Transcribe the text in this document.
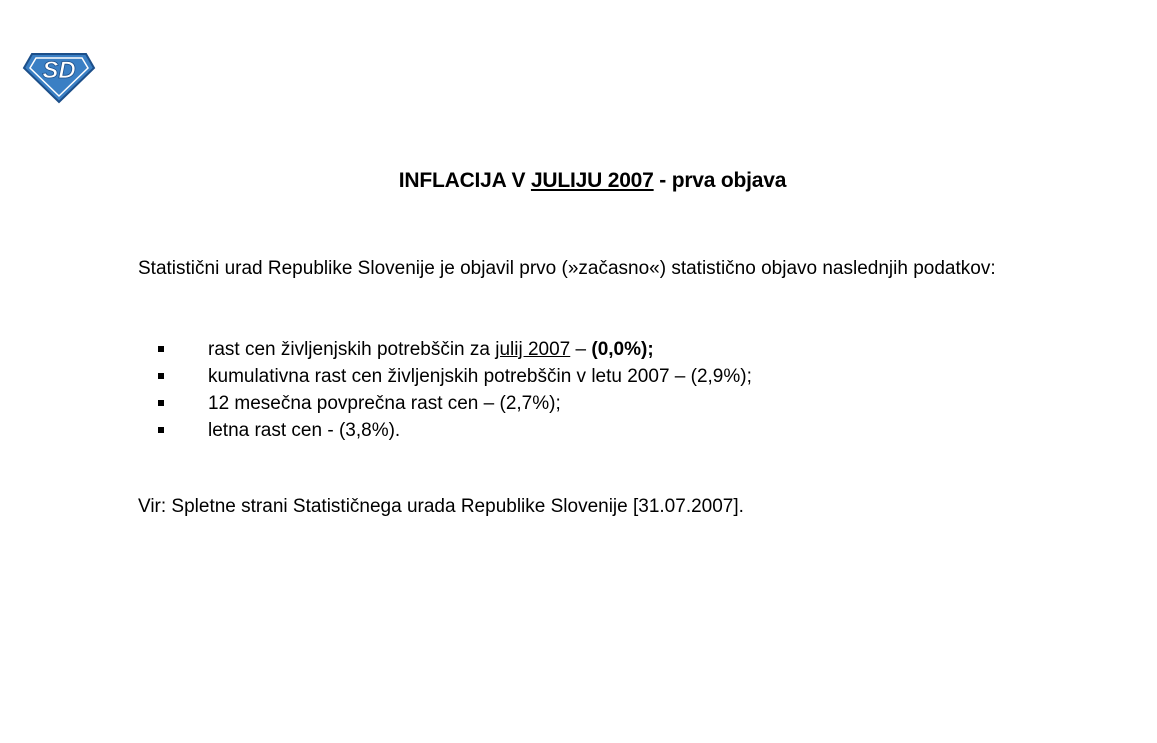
SD
INFLACIJA V JULIJU 2007 - prva objava
Statistični urad Republike Slovenije je objavil prvo (»začasno«) statistično objavo naslednjih podatkov:
rast cen življenjskih potrebščin za julij 2007 – (0,0%);
kumulativna rast cen življenjskih potrebščin v letu 2007 – (2,9%);
12 mesečna povprečna rast cen – (2,7%);
letna rast cen - (3,8%).
Vir: Spletne strani Statističnega urada Republike Slovenije [31.07.2007].
